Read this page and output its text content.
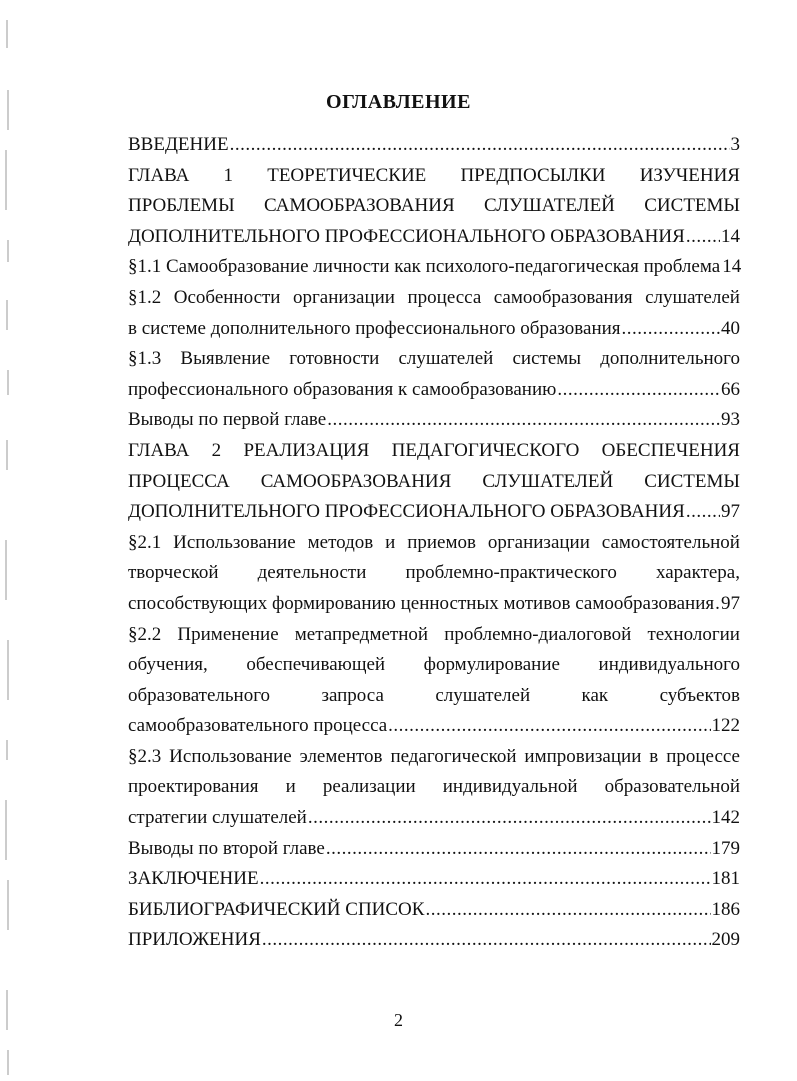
ОГЛАВЛЕНИЕ
ВВЕДЕНИЕ .....	3
ГЛАВА 1 ТЕОРЕТИЧЕСКИЕ ПРЕДПОСЫЛКИ ИЗУЧЕНИЯ
ПРОБЛЕМЫ САМООБРАЗОВАНИЯ СЛУШАТЕЛЕЙ СИСТЕМЫ
ДОПОЛНИТЕЛЬНОГО ПРОФЕССИОНАЛЬНОГО ОБРАЗОВАНИЯ ..... 14
§1.1 Самообразование личности как психолого-педагогическая проблема 14
§1.2 Особенности организации процесса самообразования слушателей
в системе дополнительного профессионального образования .....	40
§1.3 Выявление готовности слушателей системы дополнительного
профессионального образования к самообразованию .....	66
Выводы по первой главе .....	93
ГЛАВА 2 РЕАЛИЗАЦИЯ ПЕДАГОГИЧЕСКОГО ОБЕСПЕЧЕНИЯ
ПРОЦЕССА САМООБРАЗОВАНИЯ СЛУШАТЕЛЕЙ СИСТЕМЫ
ДОПОЛНИТЕЛЬНОГО ПРОФЕССИОНАЛЬНОГО ОБРАЗОВАНИЯ ..... 97
§2.1 Использование методов и приемов организации самостоятельной
творческой деятельности проблемно-практического характера,
способствующих формированию ценностных мотивов самообразования ..... 97
§2.2 Применение метапредметной проблемно-диалоговой технологии
обучения, обеспечивающей формулирование индивидуального
образовательного	запроса	слушателей	как	субъектов
самообразовательного процесса .....	122
§2.3 Использование элементов педагогической импровизации в процессе
проектирования и реализации индивидуальной образовательной
стратегии слушателей .....	142
Выводы по второй главе .....	179
ЗАКЛЮЧЕНИЕ .....	181
БИБЛИОГРАФИЧЕСКИЙ СПИСОК .....	186
ПРИЛОЖЕНИЯ .....	209
2
